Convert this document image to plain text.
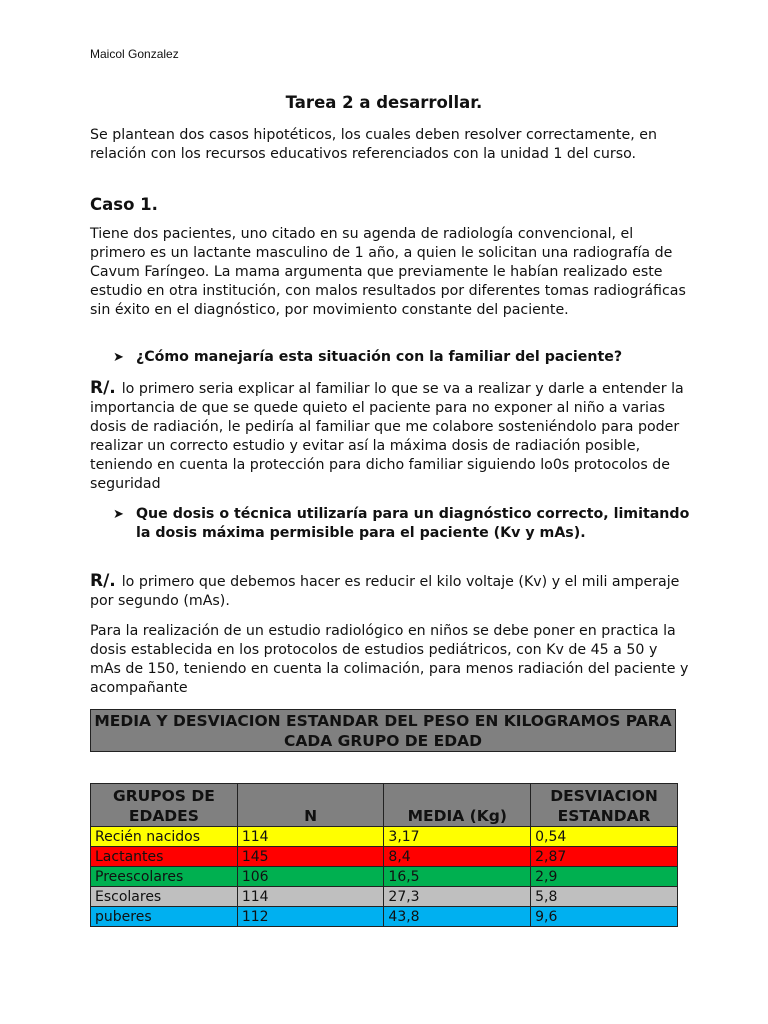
Maicol Gonzalez
Tarea 2 a desarrollar.
Se plantean dos casos hipotéticos, los cuales deben resolver correctamente, en relación con los recursos educativos referenciados con la unidad 1 del curso.
Caso 1.
Tiene dos pacientes, uno citado en su agenda de radiología convencional, el primero es un lactante masculino de 1 año, a quien le solicitan una radiografía de Cavum Faríngeo. La mama argumenta que previamente le habían realizado este estudio en otra institución, con malos resultados por diferentes tomas radiográficas sin éxito en el diagnóstico, por movimiento constante del paciente.
➤ ¿Cómo manejaría esta situación con la familiar del paciente?
R/. lo primero seria explicar al familiar lo que se va a realizar y darle a entender la importancia de que se quede quieto el paciente para no exponer al niño a varias dosis de radiación, le pediría al familiar que me colabore sosteniéndolo para poder realizar un correcto estudio y evitar así la máxima dosis de radiación posible, teniendo en cuenta la protección para dicho familiar siguiendo lo0s protocolos de seguridad
➤ Que dosis o técnica utilizaría para un diagnóstico correcto, limitando la dosis máxima permisible para el paciente (Kv y mAs).
R/. lo primero que debemos hacer es reducir el kilo voltaje (Kv) y el mili amperaje por segundo (mAs).
Para la realización de un estudio radiológico en niños se debe poner en practica la dosis establecida en los protocolos de estudios pediátricos, con Kv de 45 a 50 y mAs de 150, teniendo en cuenta la colimación, para menos radiación del paciente y acompañante
MEDIA Y DESVIACION ESTANDAR DEL PESO EN KILOGRAMOS PARA CADA GRUPO DE EDAD
GRUPOS DE EDADES	N	MEDIA (Kg)	DESVIACION ESTANDAR
Recién nacidos	114	3,17	0,54
Lactantes	145	8,4	2,87
Preescolares	106	16,5	2,9
Escolares	114	27,3	5,8
puberes	112	43,8	9,6
